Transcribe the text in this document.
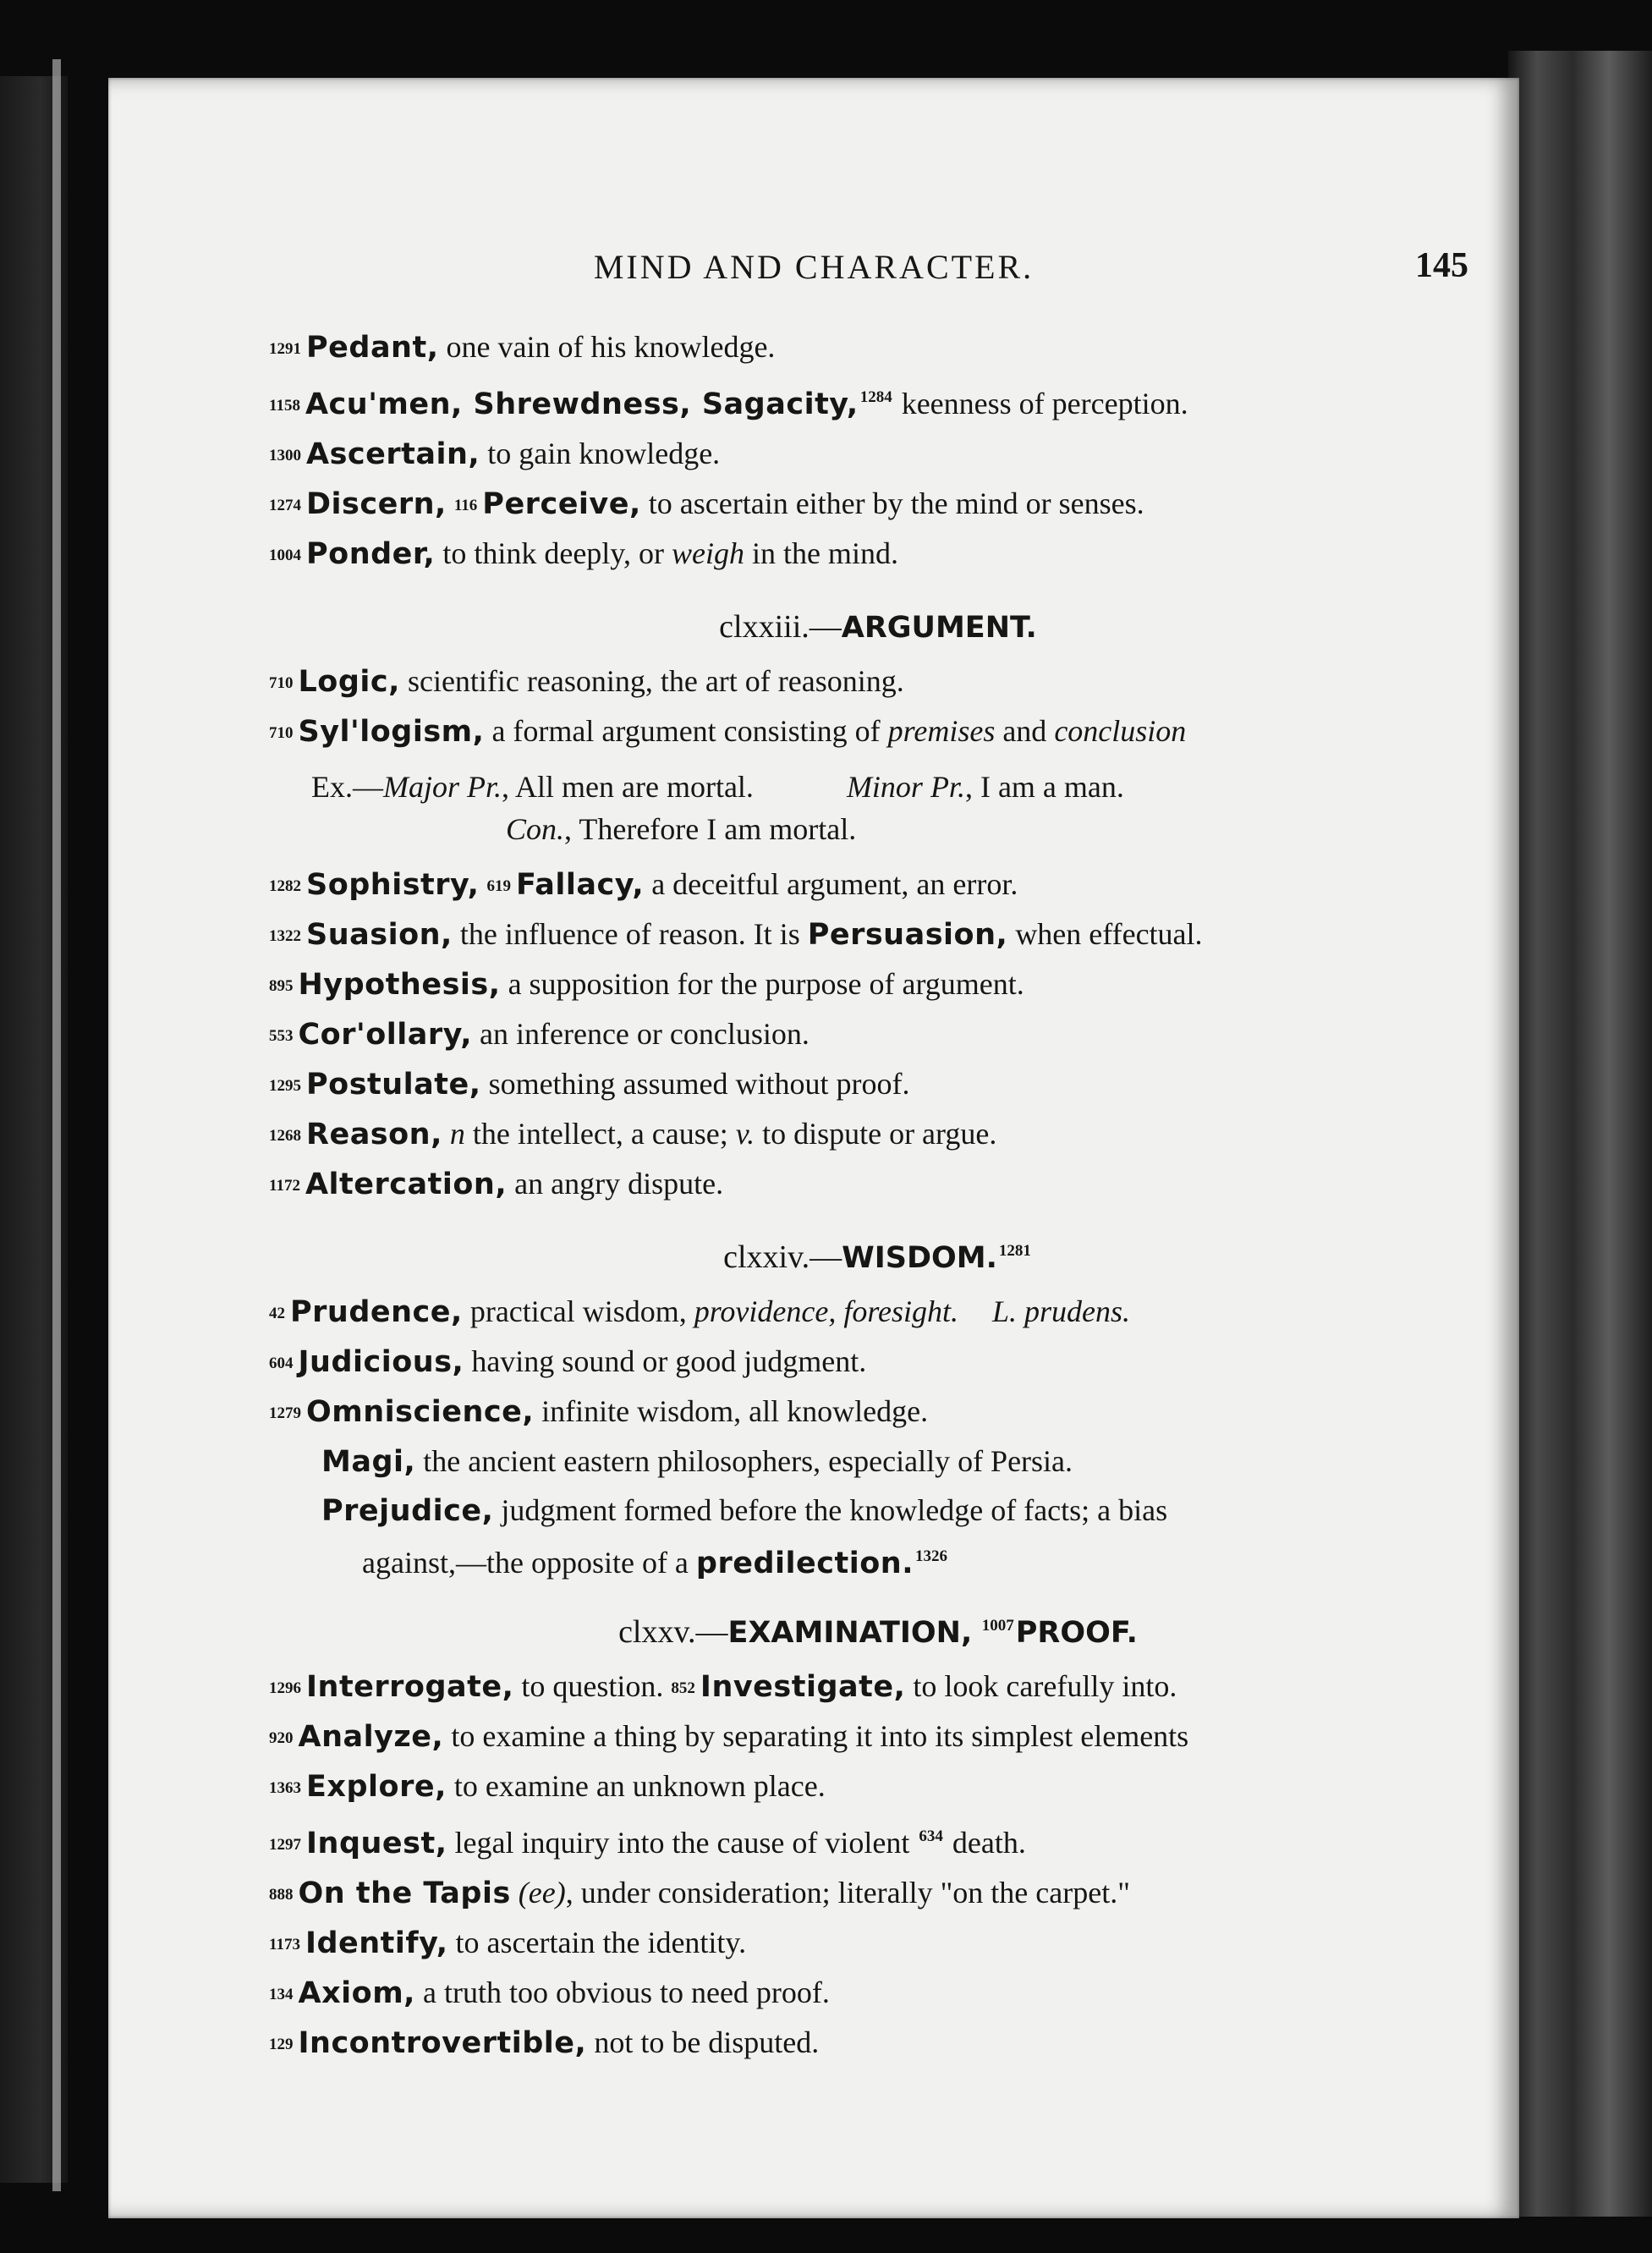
MIND AND CHARACTER.	145
1291 Pedant, one vain of his knowledge.
1158 Acu'men, Shrewdness, Sagacity, $^{1284}$ keenness of perception.
1300 Ascertain, to gain knowledge.
1274 Discern, 116 Perceive, to ascertain either by the mind or senses.
1004 Ponder, to think deeply, or weigh in the mind.
clxxiii.—ARGUMENT.
710 Logic, scientific reasoning, the art of reasoning.
710 Syl'logism, a formal argument consisting of premises and conclusion
Ex.—Major Pr., All men are mortal.	Minor Pr., I am a man.
Con., Therefore I am mortal.
1282 Sophistry, 619 Fallacy, a deceitful argument, an error.
1322 Suasion, the influence of reason. It is Persuasion, when effectual.
895 Hypothesis, a supposition for the purpose of argument.
553 Cor'ollary, an inference or conclusion.
1295 Postulate, something assumed without proof.
1268 Reason, n the intellect, a cause; v. to dispute or argue.
1172 Altercation, an angry dispute.
clxxiv.—WISDOM. $^{1281}$
42 Prudence, practical wisdom, providence, foresight. L. prudens.
604 Judicious, having sound or good judgment.
1279 Omniscience, infinite wisdom, all knowledge.
Magi, the ancient eastern philosophers, especially of Persia.
Prejudice, judgment formed before the knowledge of facts; a bias
against,—the opposite of a predilection. $^{1326}$
clxxv.—EXAMINATION, $^{1007}$PROOF.
1296 Interrogate, to question. 852 Investigate, to look carefully into.
920 Analyze, to examine a thing by separating it into its simplest elements
1363 Explore, to examine an unknown place.
1297 Inquest, legal inquiry into the cause of violent $^{634}$ death.
888 On the Tapis (ee), under consideration; literally "on the carpet."
1173 Identify, to ascertain the identity.
134 Axiom, a truth too obvious to need proof.
129 Incontrovertible, not to be disputed.
